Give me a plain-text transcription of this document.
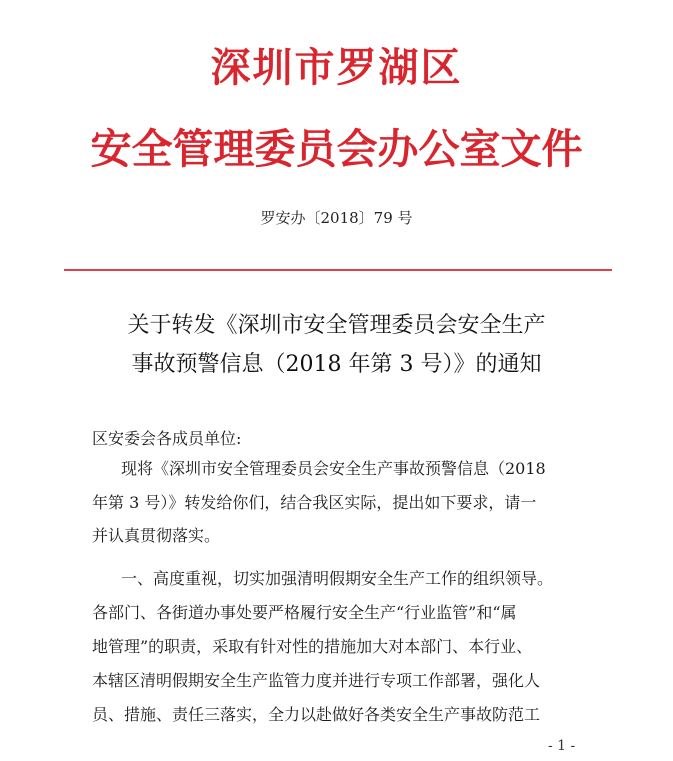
深圳市罗湖区
安全管理委员会办公室文件
罗安办〔2018〕79 号
关于转发《深圳市安全管理委员会安全生产
事故预警信息（2018 年第 3 号）》的通知
区安委会各成员单位:
现将《深圳市安全管理委员会安全生产事故预警信息（2018
年第 3 号）》转发给你们，结合我区实际，提出如下要求，请一
并认真贯彻落实。
一、高度重视，切实加强清明假期安全生产工作的组织领导。
各部门、各街道办事处要严格履行安全生产“行业监管”和“属
地管理”的职责，采取有针对性的措施加大对本部门、本行业、
本辖区清明假期安全生产监管力度并进行专项工作部署，强化人
员、措施、责任三落实，全力以赴做好各类安全生产事故防范工
- 1 -
